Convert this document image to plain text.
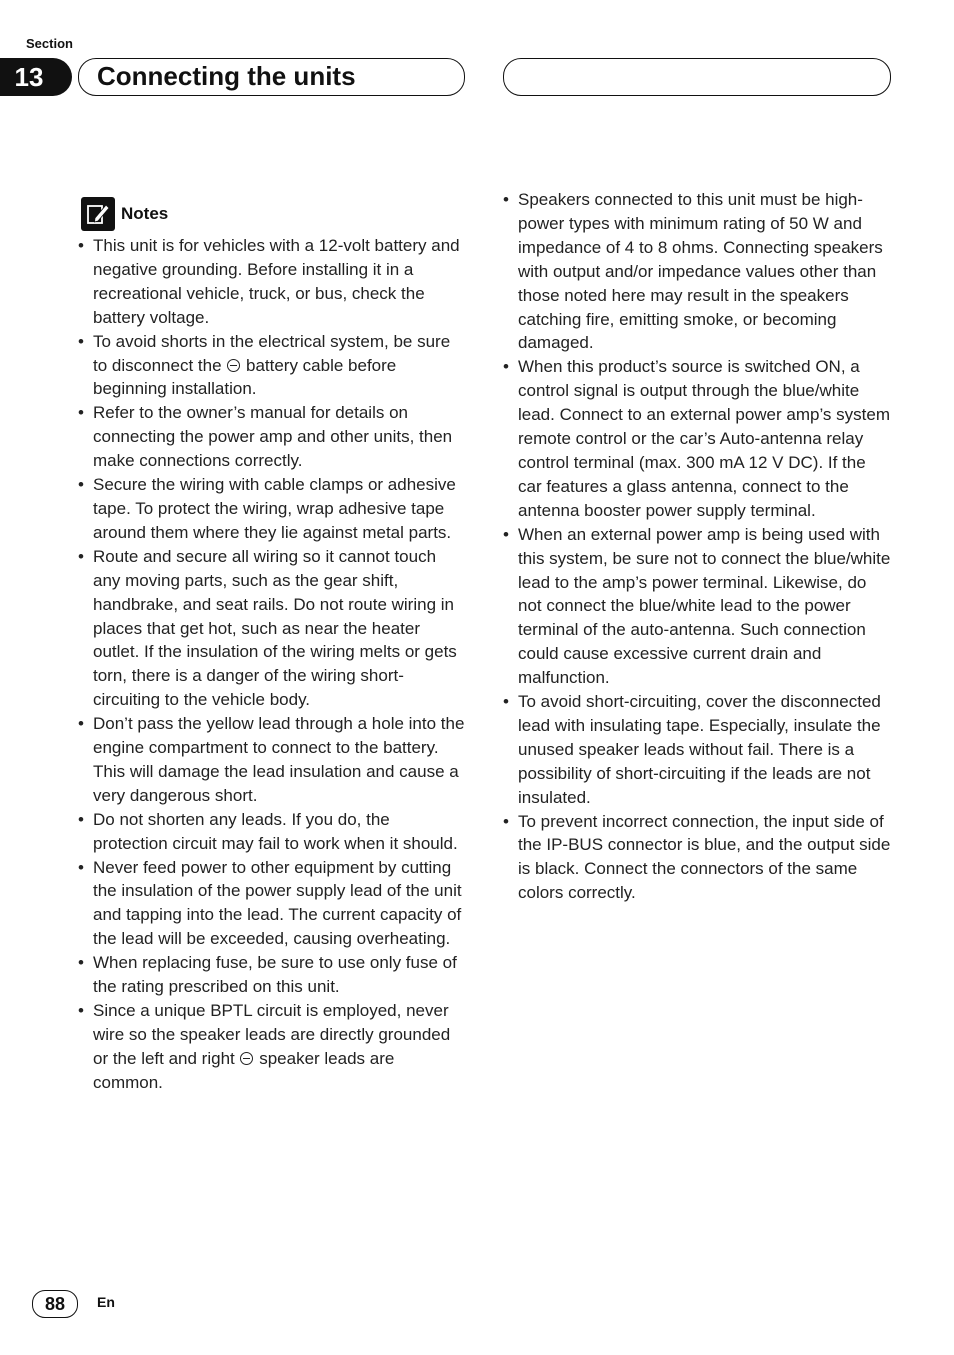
Section
13	Connecting the units
Notes
• This unit is for vehicles with a 12-volt battery and negative grounding. Before installing it in a recreational vehicle, truck, or bus, check the battery voltage.
• To avoid shorts in the electrical system, be sure to disconnect the  battery cable before beginning installation.
• Refer to the owner’s manual for details on connecting the power amp and other units, then make connections correctly.
• Secure the wiring with cable clamps or adhesive tape. To protect the wiring, wrap adhesive tape around them where they lie against metal parts.
• Route and secure all wiring so it cannot touch any moving parts, such as the gear shift, handbrake, and seat rails. Do not route wiring in places that get hot, such as near the heater outlet. If the insulation of the wiring melts or gets torn, there is a danger of the wiring short-circuiting to the vehicle body.
• Don’t pass the yellow lead through a hole into the engine compartment to connect to the battery. This will damage the lead insulation and cause a very dangerous short.
• Do not shorten any leads. If you do, the protection circuit may fail to work when it should.
• Never feed power to other equipment by cutting the insulation of the power supply lead of the unit and tapping into the lead. The current capacity of the lead will be exceeded, causing overheating.
• When replacing fuse, be sure to use only fuse of the rating prescribed on this unit.
• Since a unique BPTL circuit is employed, never wire so the speaker leads are directly grounded or the left and right  speaker leads are common.
• Speakers connected to this unit must be high-power types with minimum rating of 50 W and impedance of 4 to 8 ohms. Connecting speakers with output and/or impedance values other than those noted here may result in the speakers catching fire, emitting smoke, or becoming damaged.
• When this product’s source is switched ON, a control signal is output through the blue/white lead. Connect to an external power amp’s system remote control or the car’s Auto-antenna relay control terminal (max. 300 mA 12 V DC). If the car features a glass antenna, connect to the antenna booster power supply terminal.
• When an external power amp is being used with this system, be sure not to connect the blue/white lead to the amp’s power terminal. Likewise, do not connect the blue/white lead to the power terminal of the auto-antenna. Such connection could cause excessive current drain and malfunction.
• To avoid short-circuiting, cover the disconnected lead with insulating tape. Especially, insulate the unused speaker leads without fail. There is a possibility of short-circuiting if the leads are not insulated.
• To prevent incorrect connection, the input side of the IP-BUS connector is blue, and the output side is black. Connect the connectors of the same colors correctly.
88	En
